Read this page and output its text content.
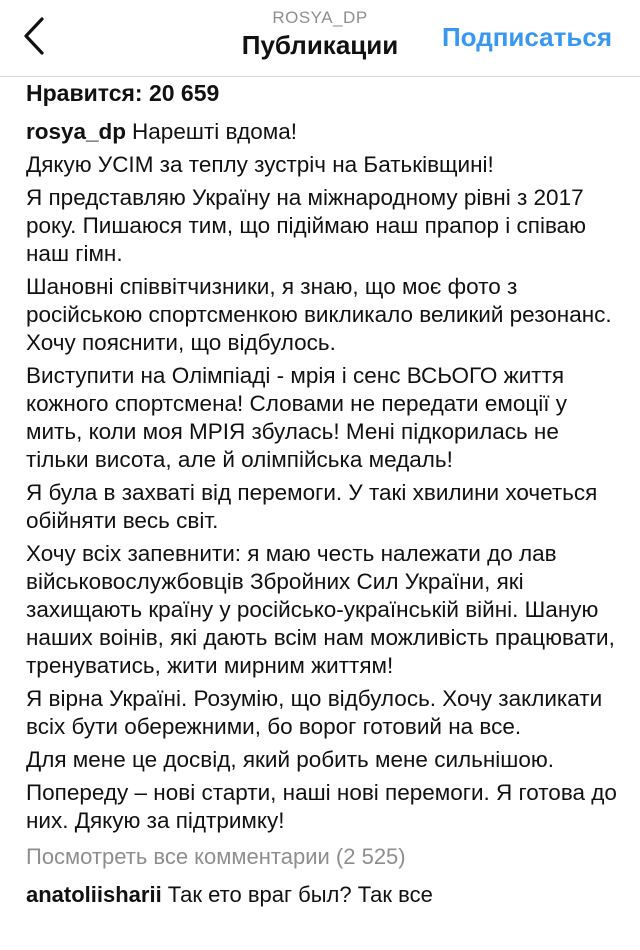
ROSYA_DP
Публикации	Подписаться
Нравится: 20 659

rosya_dp Нарешті вдома!

Дякую УСІМ за теплу зустріч на Батьківщині!

Я представляю Україну на міжнародному рівні з 2017 року. Пишаюся тим, що підіймаю наш прапор і співаю наш гімн.

Шановні співвітчизники, я знаю, що моє фото з російською спортсменкою викликало великий резонанс. Хочу пояснити, що відбулось.

Виступити на Олімпіаді - мрія і сенс ВСЬОГО життя кожного спортсмена! Словами не передати емоції у мить, коли моя МРІЯ збулась! Мені підкорилась не тільки висота, але й олімпійська медаль!

Я була в захваті від перемоги. У такі хвилини хочеться обійняти весь світ.

Хочу всіх запевнити: я маю честь належати до лав військовослужбовців Збройних Сил України, які захищають країну у російсько-українській війні. Шаную наших воінів, які дають всім нам можливість працювати, тренуватись, жити мирним життям!

Я вірна Україні. Розумію, що відбулось. Хочу закликати всіх бути обережними, бо ворог готовий на все.

Для мене це досвід, який робить мене сильнішою.

Попереду – нові старти, наші нові перемоги. Я готова до них. Дякую за підтримку!

Посмотреть все комментарии (2 525)
anatoliisharii Так ето враг был? Так все
